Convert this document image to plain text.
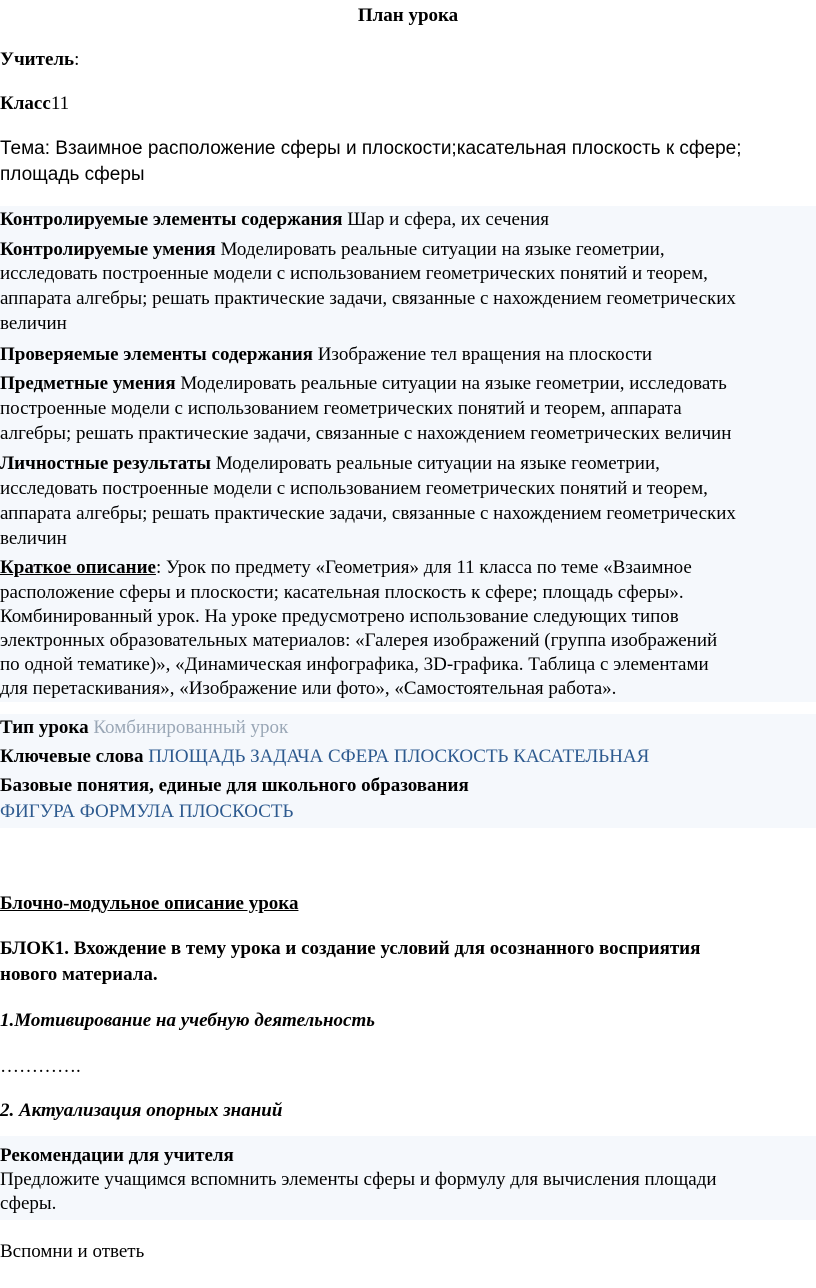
План урока
Учитель:
Класс11
Тема: Взаимное расположение сферы и плоскости;касательная плоскость к сфере;
площадь сферы
Контролируемые элементы содержания Шар и сфера, их сечения
Контролируемые умения Моделировать реальные ситуации на языке геометрии,
исследовать построенные модели с использованием геометрических понятий и теорем,
аппарата алгебры; решать практические задачи, связанные с нахождением геометрических
величин
Проверяемые элементы содержания Изображение тел вращения на плоскости
Предметные умения Моделировать реальные ситуации на языке геометрии, исследовать
построенные модели с использованием геометрических понятий и теорем, аппарата
алгебры; решать практические задачи, связанные с нахождением геометрических величин
Личностные результаты Моделировать реальные ситуации на языке геометрии,
исследовать построенные модели с использованием геометрических понятий и теорем,
аппарата алгебры; решать практические задачи, связанные с нахождением геометрических
величин
Краткое описание: Урок по предмету «Геометрия» для 11 класса по теме «Взаимное
расположение сферы и плоскости; касательная плоскость к сфере; площадь сферы».
Комбинированный урок. На уроке предусмотрено использование следующих типов
электронных образовательных материалов: «Галерея изображений (группа изображений
по одной тематике)», «Динамическая инфографика, 3D-графика. Таблица с элементами
для перетаскивания», «Изображение или фото», «Самостоятельная работа».
Тип урока Комбинированный урок
Ключевые слова ПЛОЩАДЬ ЗАДАЧА СФЕРА ПЛОСКОСТЬ КАСАТЕЛЬНАЯ
Базовые понятия, единые для школьного образования
ФИГУРА ФОРМУЛА ПЛОСКОСТЬ
Блочно-модульное описание урока
БЛОК1. Вхождение в тему урока и создание условий для осознанного восприятия
нового материала.
1.Мотивирование на учебную деятельность
………….
2. Актуализация опорных знаний
Рекомендации для учителя
Предложите учащимся вспомнить элементы сферы и формулу для вычисления площади
сферы.
Вспомни и ответь
